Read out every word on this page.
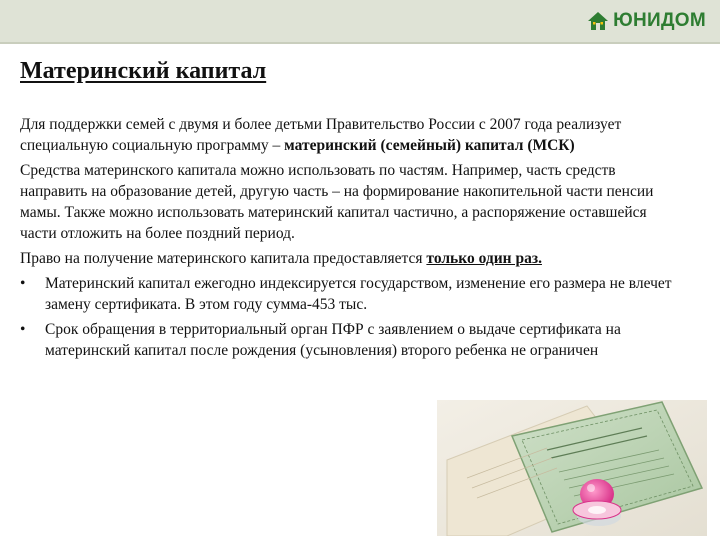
ЮНИДОМ
Материнский капитал

Для поддержки семей с двумя и более детьми Правительство России с 2007 года реализует специальную социальную программу – материнский (семейный) капитал (МСК)

Средства материнского капитала можно использовать по частям. Например, часть средств направить на образование детей, другую часть – на формирование накопительной части пенсии мамы. Также можно использовать материнский капитал частично, а распоряжение оставшейся части отложить на более поздний период.

Право на получение материнского капитала предоставляется только один раз.

•	Материнский капитал ежегодно индексируется государством, изменение его размера не влечет замену сертификата. В этом году сумма-453 тыс.
•	Срок обращения в территориальный орган ПФР с заявлением о выдаче сертификата на материнский капитал после рождения (усыновления) второго ребенка не ограничен
